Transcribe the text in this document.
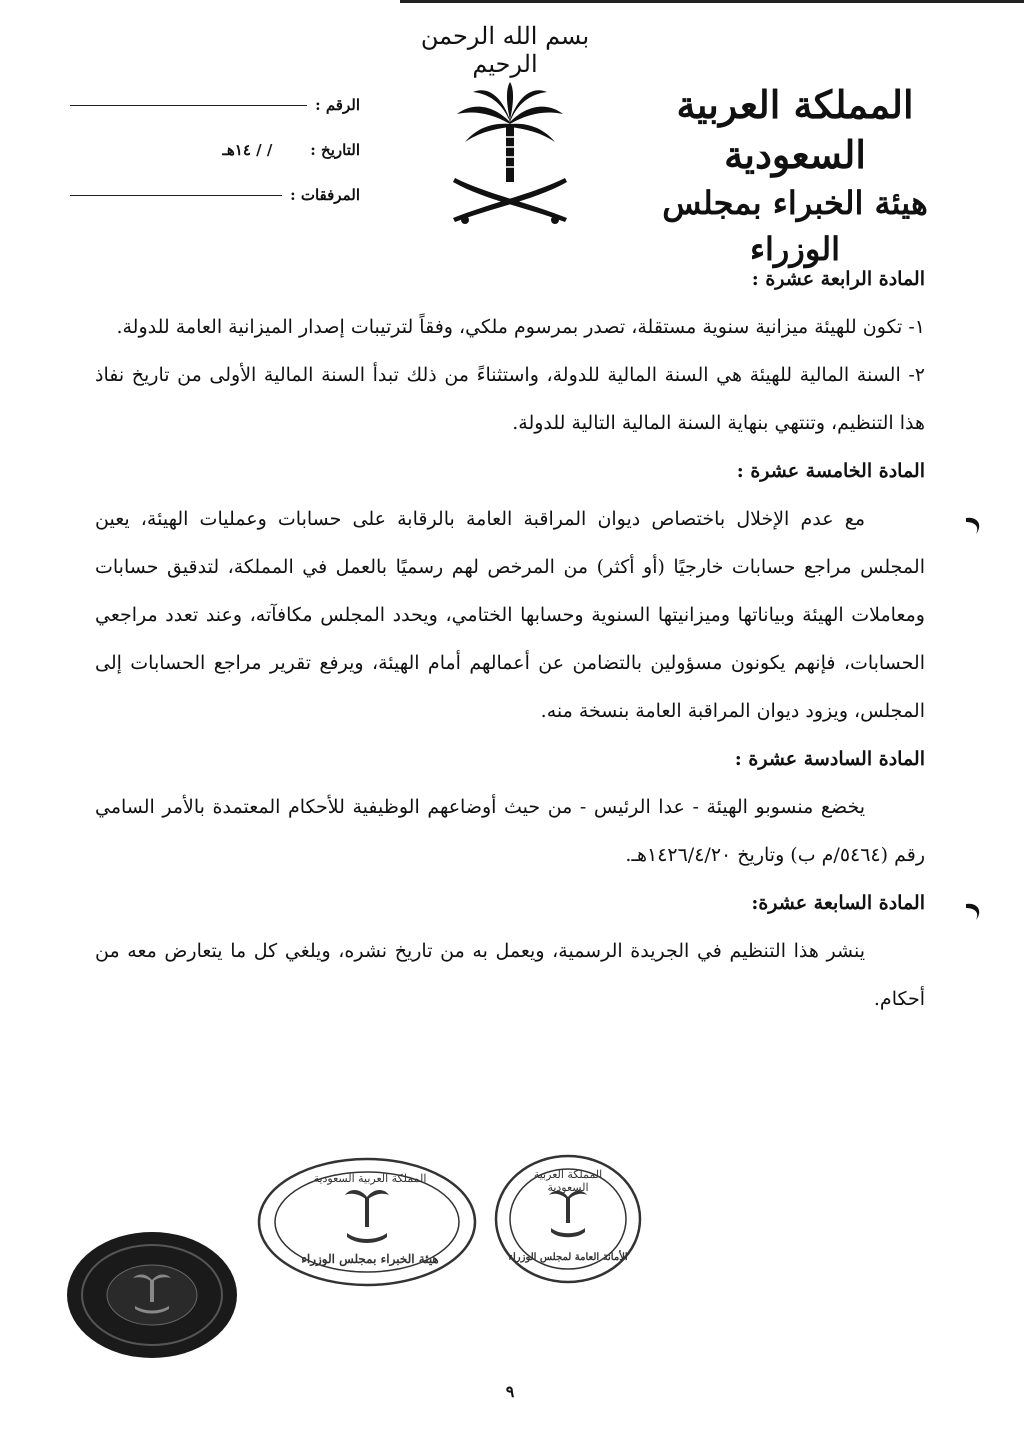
بسم الله الرحمن الرحيم
المملكة العربية السعودية
هيئة الخبراء بمجلس الوزراء
الرقم :
التاريخ :
/ / ١٤هـ
المرفقات :
المادة الرابعة عشرة :

١- تكون للهيئة ميزانية سنوية مستقلة، تصدر بمرسوم ملكي، وفقاً لترتيبات إصدار الميزانية العامة للدولة.

٢- السنة المالية للهيئة هي السنة المالية للدولة، واستثناءً من ذلك تبدأ السنة المالية الأولى من تاريخ نفاذ هذا التنظيم، وتنتهي بنهاية السنة المالية التالية للدولة.

المادة الخامسة عشرة :

مع عدم الإخلال باختصاص ديوان المراقبة العامة بالرقابة على حسابات وعمليات الهيئة، يعين المجلس مراجع حسابات خارجيًا (أو أكثر) من المرخص لهم رسميًا بالعمل في المملكة، لتدقيق حسابات ومعاملات الهيئة وبياناتها وميزانيتها السنوية وحسابها الختامي، ويحدد المجلس مكافآته، وعند تعدد مراجعي الحسابات، فإنهم يكونون مسؤولين بالتضامن عن أعمالهم أمام الهيئة، ويرفع تقرير مراجع الحسابات إلى المجلس، ويزود ديوان المراقبة العامة بنسخة منه.

المادة السادسة عشرة :

يخضع منسوبو الهيئة - عدا الرئيس - من حيث أوضاعهم الوظيفية للأحكام المعتمدة بالأمر السامي رقم (٥٤٦٤/م ب) وتاريخ ١٤٢٦/٤/٢٠هـ.

المادة السابعة عشرة:

ينشر هذا التنظيم في الجريدة الرسمية، ويعمل به من تاريخ نشره، ويلغي كل ما يتعارض معه من أحكام.

المملكة العربية السعودية
هيئة الخبراء بمجلس الوزراء
المملكة العربية السعودية
الأمانة العامة لمجلس الوزراء
٩
